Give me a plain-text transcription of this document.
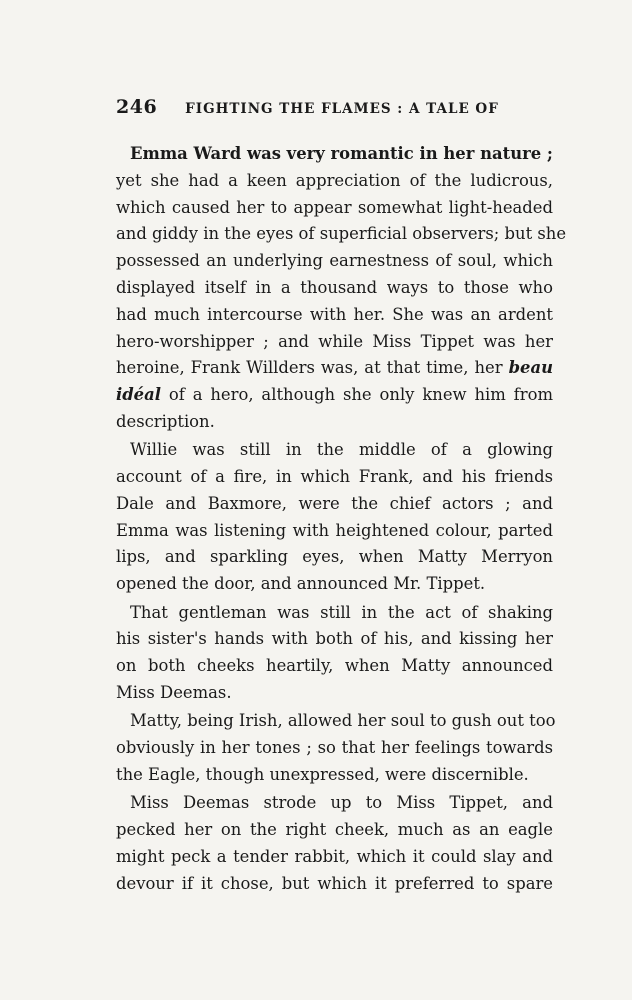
246 FIGHTING THE FLAMES : A TALE OF
Emma Ward was very romantic in her nature ;
yet she had a keen appreciation of the ludicrous,
which caused her to appear somewhat light-headed
and giddy in the eyes of superficial observers; but she
possessed an underlying earnestness of soul, which
displayed itself in a thousand ways to those who
had much intercourse with her. She was an ardent
hero-worshipper ; and while Miss Tippet was her
heroine, Frank Willders was, at that time, her beau
idéal of a hero, although she only knew him from
description.
Willie was still in the middle of a glowing
account of a fire, in which Frank, and his friends
Dale and Baxmore, were the chief actors ; and
Emma was listening with heightened colour, parted
lips, and sparkling eyes, when Matty Merryon
opened the door, and announced Mr. Tippet.
That gentleman was still in the act of shaking
his sister's hands with both of his, and kissing her
on both cheeks heartily, when Matty announced
Miss Deemas.
Matty, being Irish, allowed her soul to gush out too
obviously in her tones ; so that her feelings towards
the Eagle, though unexpressed, were discernible.
Miss Deemas strode up to Miss Tippet, and
pecked her on the right cheek, much as an eagle
might peck a tender rabbit, which it could slay and
devour if it chose, but which it preferred to spare
